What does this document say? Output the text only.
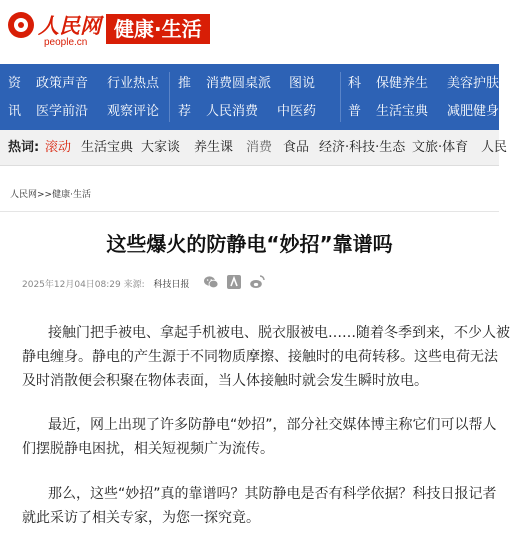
人民网
people.cn
健康·生活
资
讯
政策声音
医学前沿
行业热点
观察评论
推
荐
消费圆桌派
人民消费
图说
中医药
科
普
保健养生
生活宝典
美容护肤
减肥健身
热词: 滚动 生活宝典 大家谈 养生课 消费 食品 经济·科技·生态 文旅·体育 人民
人民网>>健康·生活
这些爆火的防静电“妙招”靠谱吗
2025年12月04日08:29 来源: 科技日报
接触门把手被电、拿起手机被电、脱衣服被电……随着冬季到来，不少人被
静电缠身。静电的产生源于不同物质摩擦、接触时的电荷转移。这些电荷无法
及时消散便会积聚在物体表面，当人体接触时就会发生瞬时放电。
最近，网上出现了许多防静电“妙招”，部分社交媒体博主称它们可以帮人
们摆脱静电困扰，相关短视频广为流传。
那么，这些“妙招”真的靠谱吗？其防静电是否有科学依据？科技日报记者
就此采访了相关专家，为您一探究竟。
